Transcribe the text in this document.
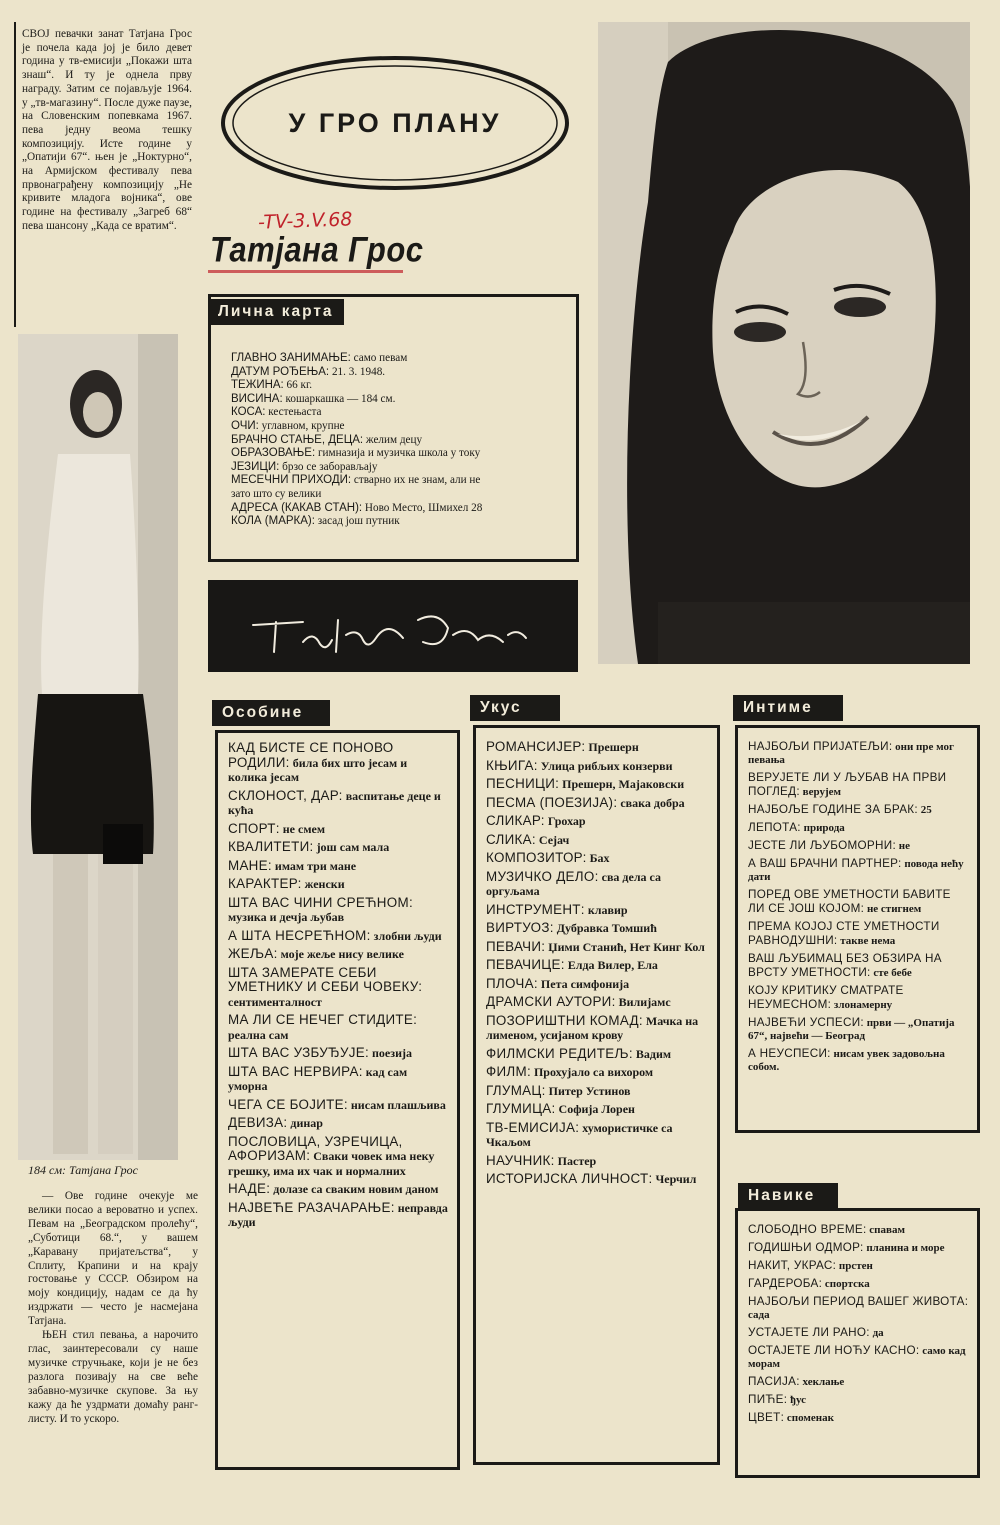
СВОЈ певачки занат Татјана Грос је почела када јој је било девет година у тв-емисији „Покажи шта знаш“. И ту је однела прву награду. Затим се појављује 1964. у „тв-магазину“. После дуже паузе, на Словенским попевкама 1967. пева једну веома тешку композицију. Исте године у „Опатији 67“. њен је „Ноктурно“, на Армијском фестивалу пева првонаграђену композицију „Не кривите младога војника“, ове године на фестивалу „Загреб 68“ пева шансону „Када се вратим“.

У ГРО ПЛАНУ
-TV-3.V.68
Татјана Грос
184 см: Татјана Грос
Лична карта
ГЛАВНО ЗАНИМАЊЕ: само певам
ДАТУМ РОЂЕЊА: 21. 3. 1948.
ТЕЖИНА: 66 кг.
ВИСИНА: кошаркашка — 184 см.
КОСА: кестењаста
ОЧИ: углавном, крупне
БРАЧНО СТАЊЕ, ДЕЦА: желим децу
ОБРАЗОВАЊЕ: гимназија и музичка школа у току
ЈЕЗИЦИ: брзо се заборављају
МЕСЕЧНИ ПРИХОДИ: стварно их не знам, али не
зато што су велики
АДРЕСА (КАКАВ СТАН): Ново Место, Шмихел 28
КОЛА (МАРКА): засад још путник
Особине
КАД БИСТЕ СЕ ПОНОВО РОДИЛИ: била бих што јесам и колика јесам
СКЛОНОСТ, ДАР: васпитање деце и кућа
СПОРТ: не смем
КВАЛИТЕТИ: још сам мала
МАНЕ: имам три мане
КАРАКТЕР: женски
ШТА ВАС ЧИНИ СРЕЋНОМ: музика и дечја љубав
А ШТА НЕСРЕЋНОМ: злобни људи
ЖЕЉА: моје жеље нису велике
ШТА ЗАМЕРАТЕ СЕБИ УМЕТНИКУ И СЕБИ ЧОВЕКУ: сентименталност
МА ЛИ СЕ НЕЧЕГ СТИДИТЕ: реална сам
ШТА ВАС УЗБУЂУЈЕ: поезија
ШТА ВАС НЕРВИРА: кад сам уморна
ЧЕГА СЕ БОЈИТЕ: нисам плашљива
ДЕВИЗА: динар
ПОСЛОВИЦА, УЗРЕЧИЦА, АФОРИЗАМ: Сваки човек има неку грешку, има их чак и нормалних
НАДЕ: долазе са сваким новим даном
НАЈВЕЋЕ РАЗАЧАРАЊЕ: неправда људи
Укус
РОМАНСИЈЕР: Прешерн
КЊИГА: Улица рибљих конзерви
ПЕСНИЦИ: Прешерн, Мајаковски
ПЕСМА (ПОЕЗИЈА): свака добра
СЛИКАР: Грохар
СЛИКА: Сејач
КОМПОЗИТОР: Бах
МУЗИЧКО ДЕЛО: сва дела са оргуљама
ИНСТРУМЕНТ: клавир
ВИРТУОЗ: Дубравка Томшић
ПЕВАЧИ: Џими Станић, Нет Кинг Кол
ПЕВАЧИЦЕ: Елда Вилер, Ела
ПЛОЧА: Пета симфонија
ДРАМСКИ АУТОРИ: Вилијамс
ПОЗОРИШТНИ КОМАД: Мачка на лименом, усијаном крову
ФИЛМСКИ РЕДИТЕЉ: Вадим
ФИЛМ: Прохујало са вихором
ГЛУМАЦ: Питер Устинов
ГЛУМИЦА: Софија Лорен
ТВ-ЕМИСИЈА: хумористичке са Чкаљом
НАУЧНИК: Пастер
ИСТОРИЈСКА ЛИЧНОСТ: Черчил
Интиме
НАЈБОЉИ ПРИЈАТЕЉИ: они пре мог певања
ВЕРУЈЕТЕ ЛИ У ЉУБАВ НА ПРВИ ПОГЛЕД: верујем
НАЈБОЉЕ ГОДИНЕ ЗА БРАК: 25
ЛЕПОТА: природа
ЈЕСТЕ ЛИ ЉУБОМОРНИ: не
А ВАШ БРАЧНИ ПАРТНЕР: повода нећу дати
ПОРЕД ОВЕ УМЕТНОСТИ БАВИТЕ ЛИ СЕ ЈОШ КОЈОМ: не стигнем
ПРЕМА КОЈОЈ СТЕ УМЕТНОСТИ РАВНОДУШНИ: такве нема
ВАШ ЉУБИМАЦ БЕЗ ОБЗИРА НА ВРСТУ УМЕТНОСТИ: сте бебе
КОЈУ КРИТИКУ СМАТРАТЕ НЕУМЕСНОМ: злонамерну
НАЈВЕЋИ УСПЕСИ: први — „Опатија 67“, највећи — Београд
А НЕУСПЕСИ: нисам увек задовољна собом.
Навике
СЛОБОДНО ВРЕМЕ: спавам
ГОДИШЊИ ОДМОР: планина и море
НАКИТ, УКРАС: прстен
ГАРДЕРОБА: спортска
НАЈБОЉИ ПЕРИОД ВАШЕГ ЖИВОТА: сада
УСТАЈЕТЕ ЛИ РАНО: да
ОСТАЈЕТЕ ЛИ НОЋУ КАСНО: само кад морам
ПАСИЈА: хеклање
ПИЋЕ: ђус
ЦВЕТ: споменак

— Ове године очекује ме велики посао а вероватно и успех. Певам на „Београдском пролећу“, „Суботици 68.“, у вашем „Каравану пријатељства“, у Сплиту, Крапини и на крају гостовање у СССР. Обзиром на моју кондицију, надам се да ћу издржати — често је насмејана Татјана.

ЊЕН стил певања, а нарочито глас, заинтересовали су наше музичке стручњаке, који је не без разлога позивају на све веће забавно-музичке скупове. За њу кажу да ће уздрмати домаћу ранг-листу. И то ускоро.
